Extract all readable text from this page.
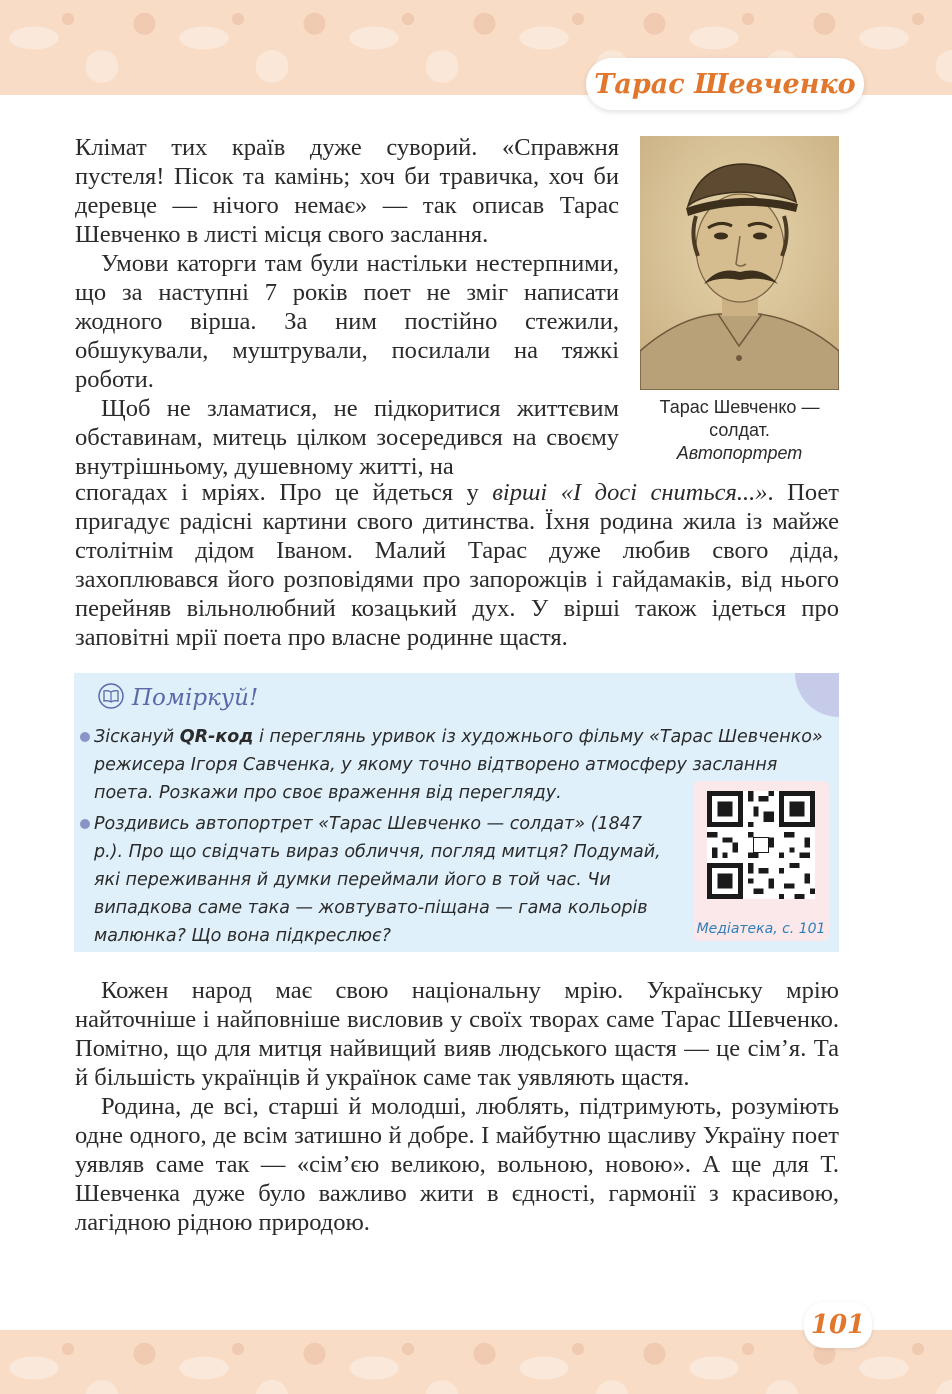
Тарас Шевченко

Клімат тих країв дуже суворий. «Справжня пустеля! Пісок та камінь; хоч би травичка, хоч би деревце — нічого немає» — так описав Тарас Шевченко в листі місця свого заслання.

Умови каторги там були настільки нестерпними, що за наступні 7 років поет не зміг написати жодного вірша. За ним постійно стежили, обшукували, муштрували, посилали на тяжкі роботи.

Щоб не зламатися, не підкоритися життєвим обставинам, митець цілком зосередився на своєму внутрішньому, душевному житті, на

спогадах і мріях. Про це йдеться у вірші «І досі сниться...». Поет пригадує радісні картини свого дитинства. Їхня родина жила із майже столітнім дідом Іваном. Малий Тарас дуже любив свого діда, захоплювався його розповідями про запорожців і гайдамаків, від нього перейняв вільнолюбний козацький дух. У вірші також ідеться про заповітні мрії поета про власне родинне щастя.
Тарас Шевченко —
солдат.
Автопортрет
Поміркуй!
Зіскануй QR-код і переглянь уривок із художнього фільму «Тарас Шевченко» режисера Ігоря Савченка, у якому точно відтворено атмосферу заслання поета. Розкажи про своє враження від перегляду.
Роздивись автопортрет «Тарас Шевченко — солдат» (1847 р.). Про що свідчать вираз обличчя, погляд митця? Подумай, які переживання й думки переймали його в той час. Чи випадкова саме така — жовтувато-піщана — гама кольорів малюнка? Що вона підкреслює?	Медіатека, с. 101

Кожен народ має свою національну мрію. Українську мрію найточніше і найповніше висловив у своїх творах саме Тарас Шевченко. Помітно, що для митця найвищий вияв людського щастя — це сім’я. Та й більшість українців й українок саме так уявляють щастя.

Родина, де всі, старші й молодші, люблять, підтримують, розуміють одне одного, де всім затишно й добре. І майбутню щасливу Україну поет уявляв саме так — «сім’єю великою, вольною, новою». А ще для Т. Шевченка дуже було важливо жити в єдності, гармонії з красивою, лагідною рідною природою.

101
